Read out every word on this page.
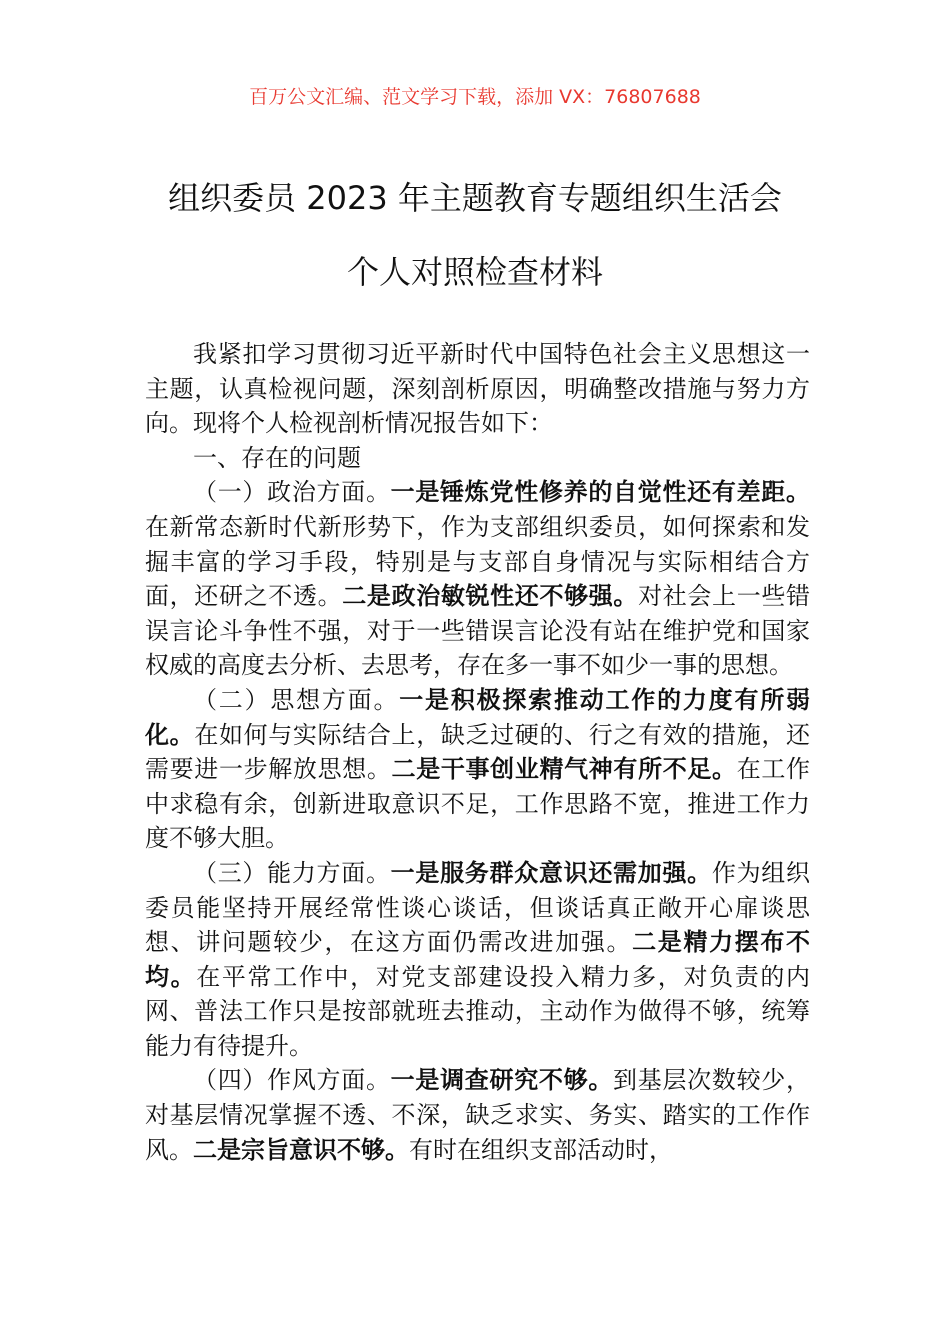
百万公文汇编、范文学习下载，添加 VX：76807688
组织委员 2023 年主题教育专题组织生活会
个人对照检查材料

我紧扣学习贯彻习近平新时代中国特色社会主义思想这一主题，认真检视问题，深刻剖析原因，明确整改措施与努力方向。现将个人检视剖析情况报告如下：

一、存在的问题

（一）政治方面。一是锤炼党性修养的自觉性还有差距。在新常态新时代新形势下，作为支部组织委员，如何探索和发掘丰富的学习手段，特别是与支部自身情况与实际相结合方面，还研之不透。二是政治敏锐性还不够强。对社会上一些错误言论斗争性不强，对于一些错误言论没有站在维护党和国家权威的高度去分析、去思考，存在多一事不如少一事的思想。

（二）思想方面。一是积极探索推动工作的力度有所弱化。在如何与实际结合上，缺乏过硬的、行之有效的措施，还需要进一步解放思想。二是干事创业精气神有所不足。在工作中求稳有余，创新进取意识不足，工作思路不宽，推进工作力度不够大胆。

（三）能力方面。一是服务群众意识还需加强。作为组织委员能坚持开展经常性谈心谈话，但谈话真正敞开心扉谈思想、讲问题较少，在这方面仍需改进加强。二是精力摆布不均。在平常工作中，对党支部建设投入精力多，对负责的内网、普法工作只是按部就班去推动，主动作为做得不够，统筹能力有待提升。

（四）作风方面。一是调查研究不够。到基层次数较少，对基层情况掌握不透、不深，缺乏求实、务实、踏实的工作作风。二是宗旨意识不够。有时在组织支部活动时，
